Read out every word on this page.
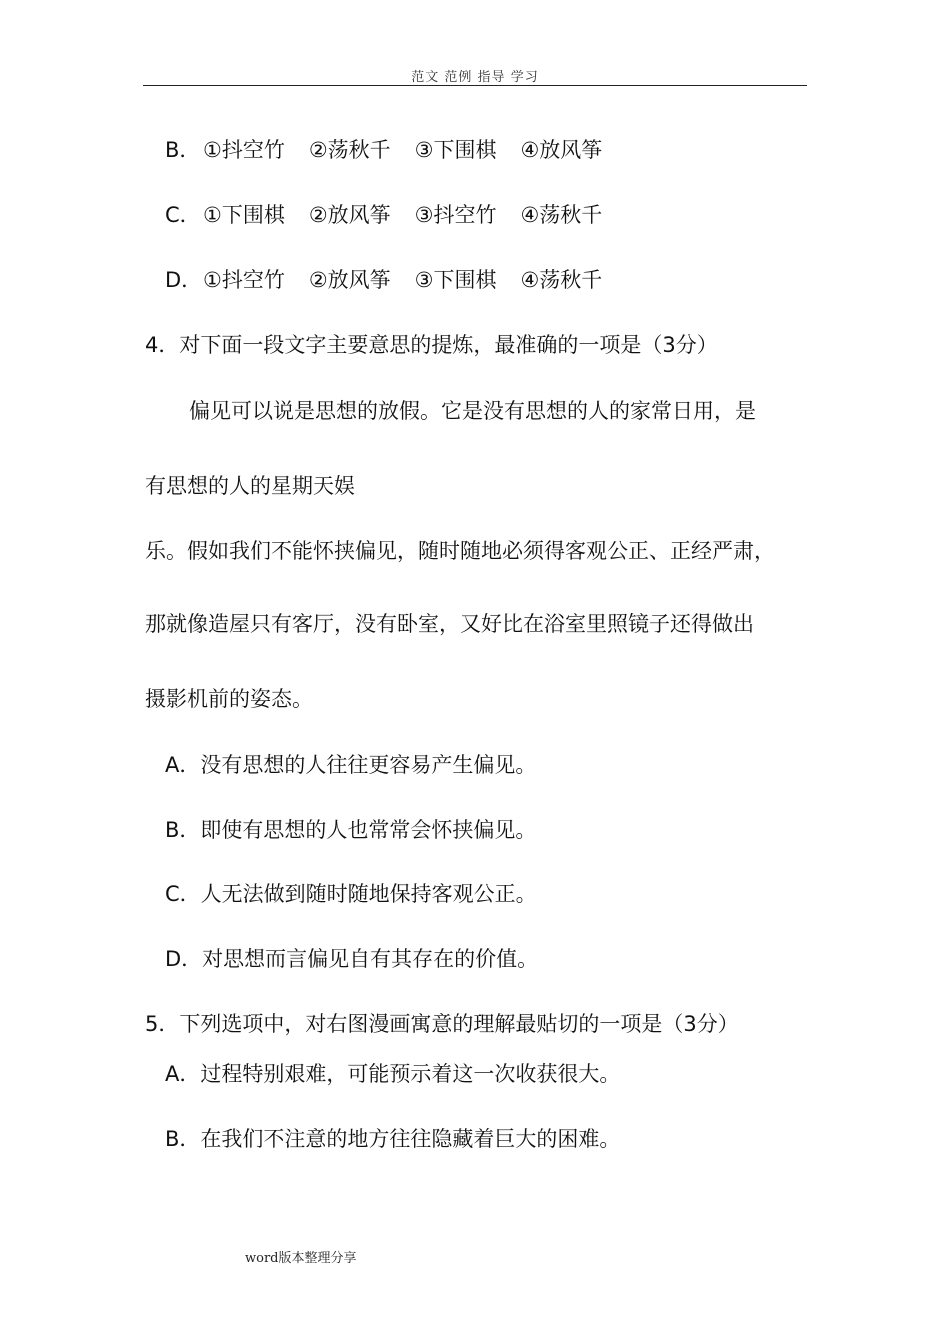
范文 范例 指导 学习
B． ①抖空竹 ②荡秋千 ③下围棋 ④放风筝
C． ①下围棋 ②放风筝 ③抖空竹 ④荡秋千
D． ①抖空竹 ②放风筝 ③下围棋 ④荡秋千
4．对下面一段文字主要意思的提炼，最准确的一项是（3分）
偏见可以说是思想的放假。它是没有思想的人的家常日用，是
有思想的人的星期天娱
乐。假如我们不能怀挟偏见，随时随地必须得客观公正、正经严肃，
那就像造屋只有客厅，没有卧室，又好比在浴室里照镜子还得做出
摄影机前的姿态。
A．没有思想的人往往更容易产生偏见。
B．即使有思想的人也常常会怀挟偏见。
C．人无法做到随时随地保持客观公正。
D．对思想而言偏见自有其存在的价值。
5．下列选项中，对右图漫画寓意的理解最贴切的一项是（3分）
A．过程特别艰难，可能预示着这一次收获很大。
B．在我们不注意的地方往往隐藏着巨大的困难。
word版本整理分享
